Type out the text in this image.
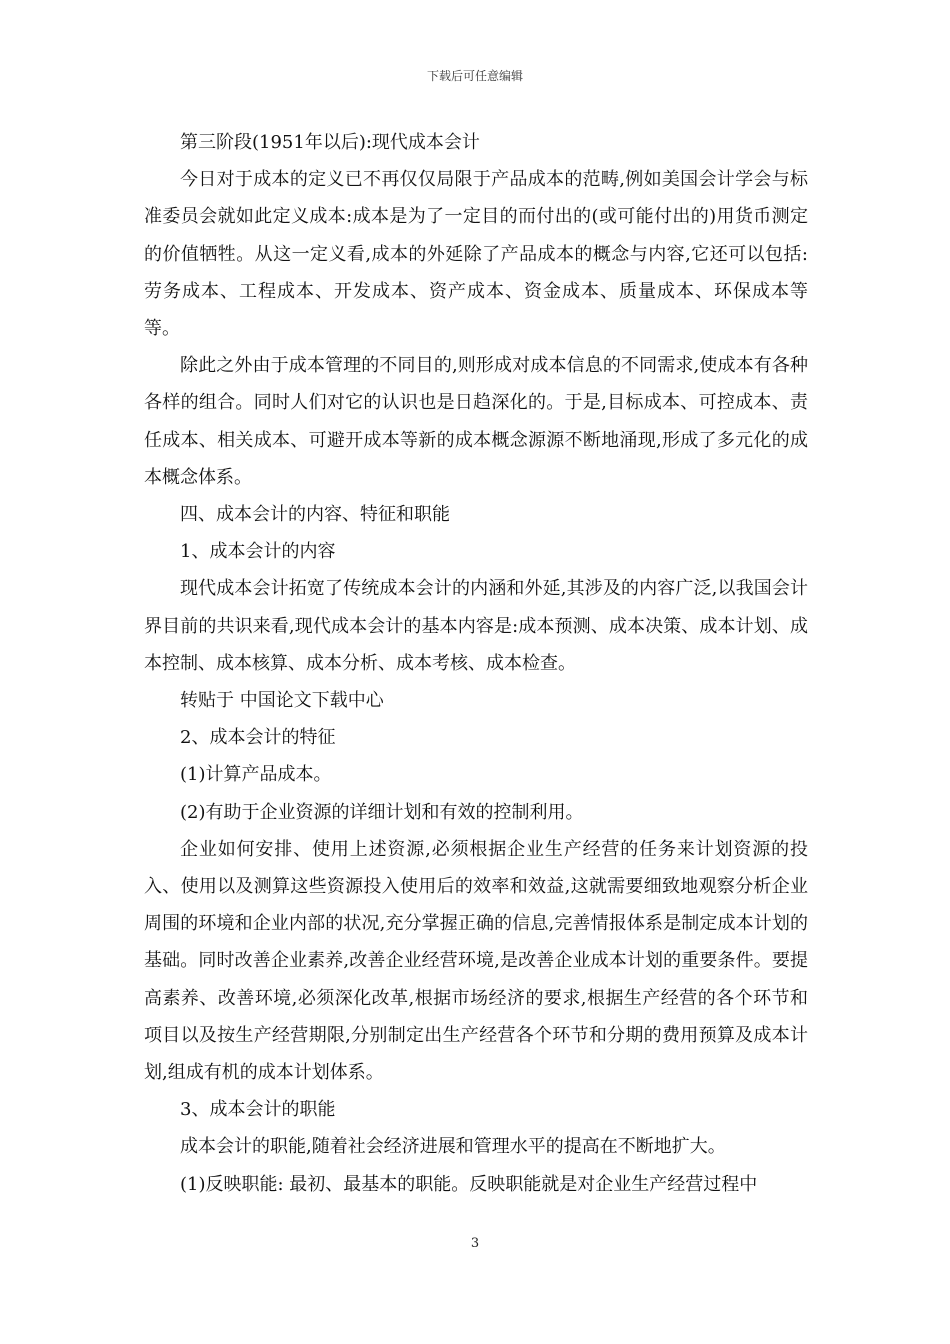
下载后可任意编辑

第三阶段(1951年以后):现代成本会计

今日对于成本的定义已不再仅仅局限于产品成本的范畴,例如美国会计学会与标准委员会就如此定义成本:成本是为了一定目的而付出的(或可能付出的)用货币测定的价值牺牲。从这一定义看,成本的外延除了产品成本的概念与内容,它还可以包括:劳务成本、工程成本、开发成本、资产成本、资金成本、质量成本、环保成本等等。

除此之外由于成本管理的不同目的,则形成对成本信息的不同需求,使成本有各种各样的组合。同时人们对它的认识也是日趋深化的。于是,目标成本、可控成本、责任成本、相关成本、可避开成本等新的成本概念源源不断地涌现,形成了多元化的成本概念体系。

四、成本会计的内容、特征和职能

1、成本会计的内容

现代成本会计拓宽了传统成本会计的内涵和外延,其涉及的内容广泛,以我国会计界目前的共识来看,现代成本会计的基本内容是:成本预测、成本决策、成本计划、成本控制、成本核算、成本分析、成本考核、成本检查。

转贴于 中国论文下载中心

2、成本会计的特征

(1)计算产品成本。

(2)有助于企业资源的详细计划和有效的控制利用。

企业如何安排、使用上述资源,必须根据企业生产经营的任务来计划资源的投入、使用以及测算这些资源投入使用后的效率和效益,这就需要细致地观察分析企业周围的环境和企业内部的状况,充分掌握正确的信息,完善情报体系是制定成本计划的基础。同时改善企业素养,改善企业经营环境,是改善企业成本计划的重要条件。要提高素养、改善环境,必须深化改革,根据市场经济的要求,根据生产经营的各个环节和项目以及按生产经营期限,分别制定出生产经营各个环节和分期的费用预算及成本计划,组成有机的成本计划体系。

3、成本会计的职能

成本会计的职能,随着社会经济进展和管理水平的提高在不断地扩大。

(1)反映职能: 最初、最基本的职能。反映职能就是对企业生产经营过程中

3
